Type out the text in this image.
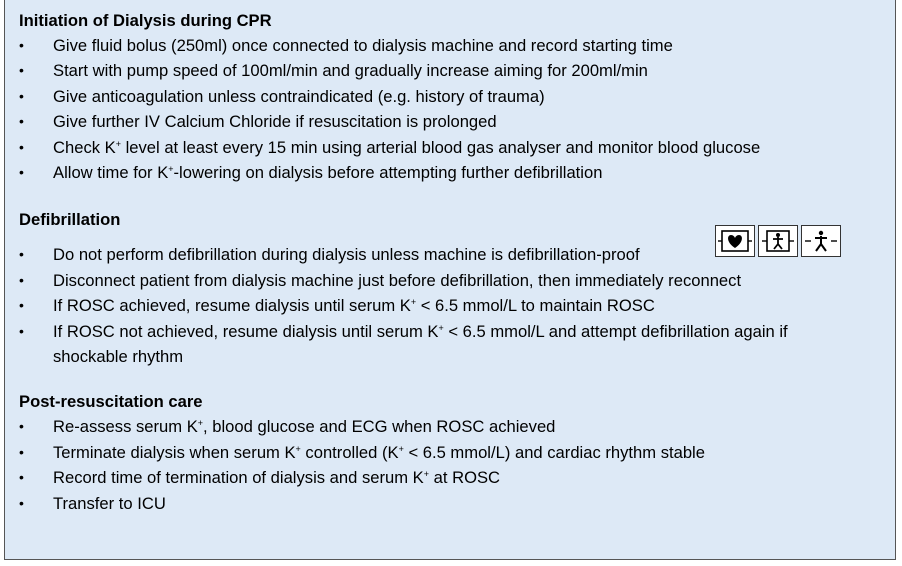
Initiation of Dialysis during CPR
• Give fluid bolus (250ml) once connected to dialysis machine and record starting time
• Start with pump speed of 100ml/min and gradually increase aiming for 200ml/min
• Give anticoagulation unless contraindicated (e.g. history of trauma)
• Give further IV Calcium Chloride if resuscitation is prolonged
• Check K+ level at least every 15 min using arterial blood gas analyser and monitor blood glucose
• Allow time for K+-lowering on dialysis before attempting further defibrillation
Defibrillation
• Do not perform defibrillation during dialysis unless machine is defibrillation-proof
• Disconnect patient from dialysis machine just before defibrillation, then immediately reconnect
• If ROSC achieved, resume dialysis until serum K+ < 6.5 mmol/L to maintain ROSC
• If ROSC not achieved, resume dialysis until serum K+ < 6.5 mmol/L and attempt defibrillation again if shockable rhythm
Post-resuscitation care
• Re-assess serum K+, blood glucose and ECG when ROSC achieved
• Terminate dialysis when serum K+ controlled (K+ < 6.5 mmol/L) and cardiac rhythm stable
• Record time of termination of dialysis and serum K+ at ROSC
• Transfer to ICU
